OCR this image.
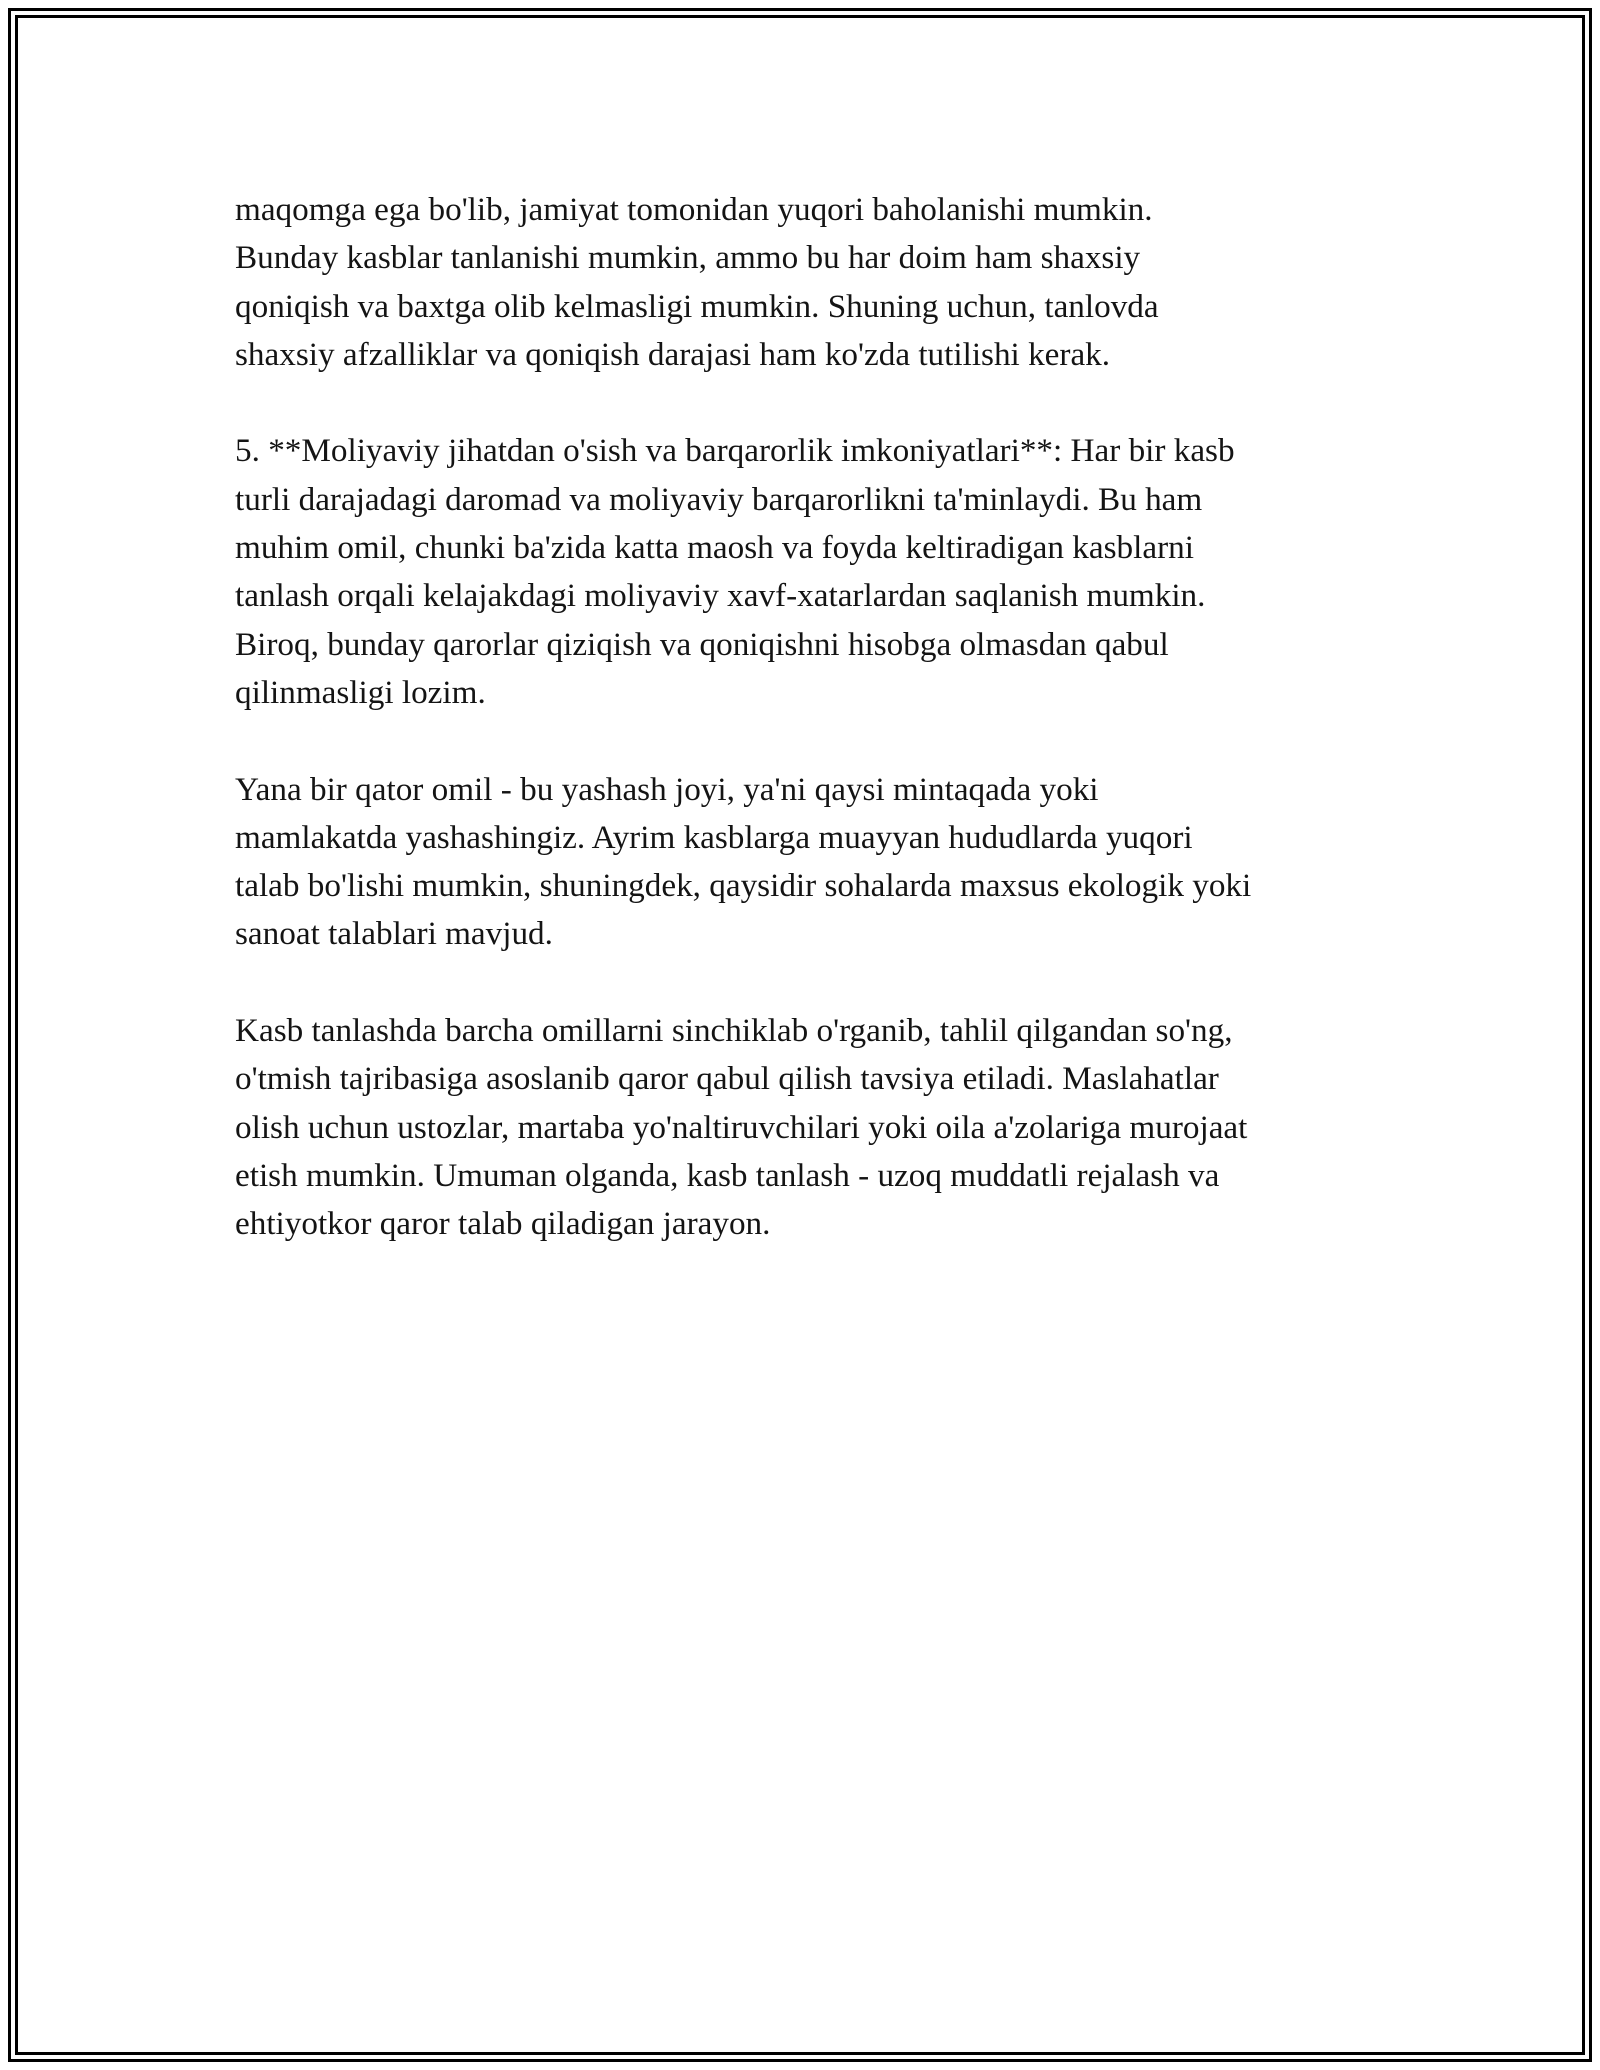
maqomga ega bo'lib, jamiyat tomonidan yuqori baholanishi mumkin.
Bunday kasblar tanlanishi mumkin, ammo bu har doim ham shaxsiy
qoniqish va baxtga olib kelmasligi mumkin. Shuning uchun, tanlovda
shaxsiy afzalliklar va qoniqish darajasi ham ko'zda tutilishi kerak.

5. **Moliyaviy jihatdan o'sish va barqarorlik imkoniyatlari**: Har bir kasb
turli darajadagi daromad va moliyaviy barqarorlikni ta'minlaydi. Bu ham
muhim omil, chunki ba'zida katta maosh va foyda keltiradigan kasblarni
tanlash orqali kelajakdagi moliyaviy xavf-xatarlardan saqlanish mumkin.
Biroq, bunday qarorlar qiziqish va qoniqishni hisobga olmasdan qabul
qilinmasligi lozim.

Yana bir qator omil - bu yashash joyi, ya'ni qaysi mintaqada yoki
mamlakatda yashashingiz. Ayrim kasblarga muayyan hududlarda yuqori
talab bo'lishi mumkin, shuningdek, qaysidir sohalarda maxsus ekologik yoki
sanoat talablari mavjud.

Kasb tanlashda barcha omillarni sinchiklab o'rganib, tahlil qilgandan so'ng,
o'tmish tajribasiga asoslanib qaror qabul qilish tavsiya etiladi. Maslahatlar
olish uchun ustozlar, martaba yo'naltiruvchilari yoki oila a'zolariga murojaat
etish mumkin. Umuman olganda, kasb tanlash - uzoq muddatli rejalash va
ehtiyotkor qaror talab qiladigan jarayon.
